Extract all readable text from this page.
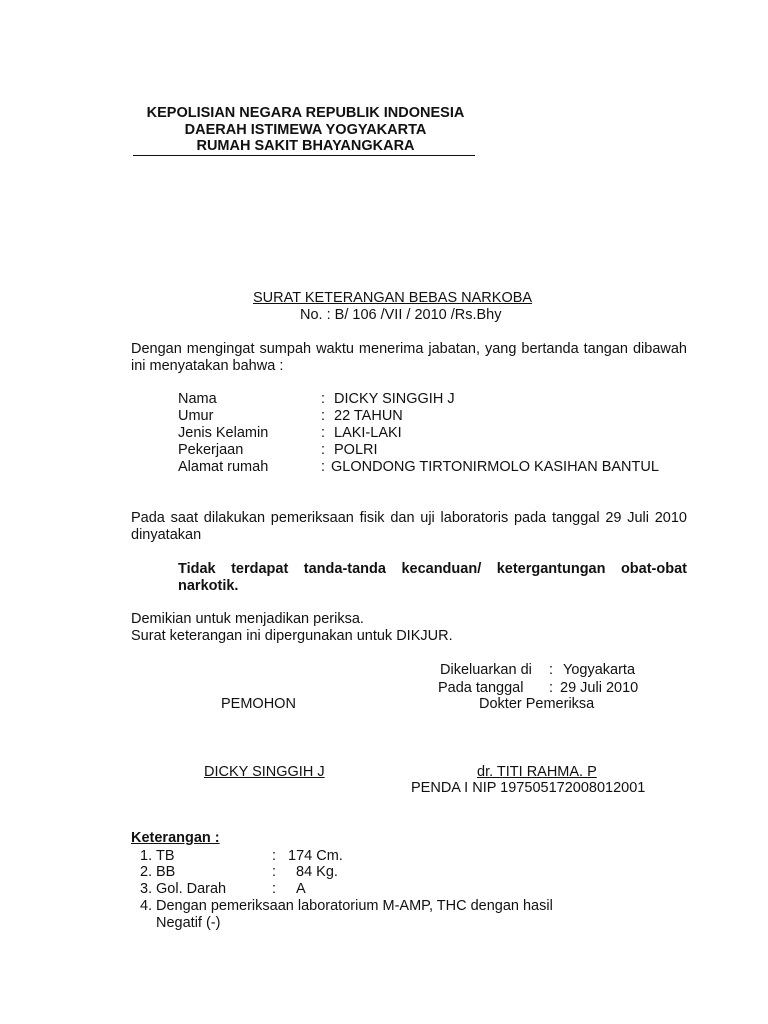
KEPOLISIAN NEGARA REPUBLIK INDONESIA
DAERAH ISTIMEWA YOGYAKARTA
RUMAH SAKIT BHAYANGKARA
SURAT KETERANGAN BEBAS NARKOBA
No. : B/ 106 /VII / 2010 /Rs.Bhy
Dengan mengingat sumpah waktu menerima jabatan, yang bertanda tangan dibawah ini menyatakan bahwa :
Nama	: DICKY SINGGIH J
Umur	: 22 TAHUN
Jenis Kelamin	: LAKI-LAKI
Pekerjaan	: POLRI
Alamat rumah	: GLONDONG TIRTONIRMOLO KASIHAN BANTUL
Pada saat dilakukan pemeriksaan fisik dan uji laboratoris pada tanggal 29 Juli 2010 dinyatakan
Tidak terdapat tanda-tanda kecanduan/ ketergantungan obat-obat narkotik.
Demikian untuk menjadikan periksa.
Surat keterangan ini dipergunakan untuk DIKJUR.
Dikeluarkan di : Yogyakarta
Pada tanggal : 29 Juli 2010
PEMOHON	Dokter Pemeriksa
DICKY SINGGIH J	dr. TITI RAHMA. P
PENDA I NIP 197505172008012001
Keterangan :
1. TB	: 174 Cm.
2. BB	: 84 Kg.
3. Gol. Darah	: A
4. Dengan pemeriksaan laboratorium M-AMP, THC dengan hasil
Negatif (-)
